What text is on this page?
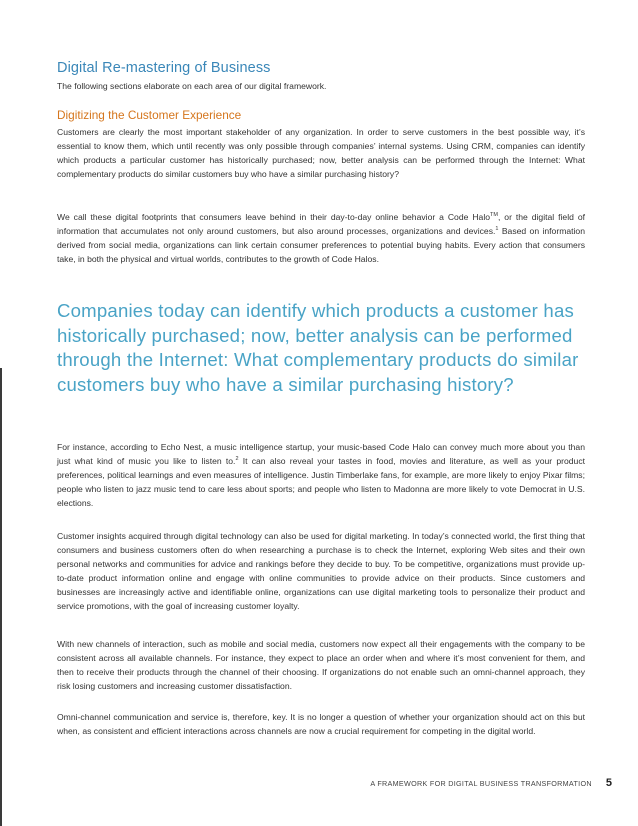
Digital Re-mastering of Business

The following sections elaborate on each area of our digital framework.

Digitizing the Customer Experience

Customers are clearly the most important stakeholder of any organization. In order to serve customers in the best possible way, it’s essential to know them, which until recently was only possible through companies’ internal systems. Using CRM, companies can identify which products a particular customer has historically purchased; now, better analysis can be performed through the Internet: What complementary products do similar customers buy who have a similar purchasing history?

We call these digital footprints that consumers leave behind in their day-to-day online behavior a Code Halo™, or the digital field of information that accumulates not only around customers, but also around processes, organizations and devices.$^1$ Based on information derived from social media, organizations can link certain consumer preferences to potential buying habits. Every action that consumers take, in both the physical and virtual worlds, contributes to the growth of Code Halos.

Companies today can identify which products a customer has historically purchased; now, better analysis can be performed through the Internet: What complementary products do similar customers buy who have a similar purchasing history?

For instance, according to Echo Nest, a music intelligence startup, your music-based Code Halo can convey much more about you than just what kind of music you like to listen to.$^2$ It can also reveal your tastes in food, movies and literature, as well as your product preferences, political learnings and even measures of intelligence. Justin Timberlake fans, for example, are more likely to enjoy Pixar films; people who listen to jazz music tend to care less about sports; and people who listen to Madonna are more likely to vote Democrat in U.S. elections.

Customer insights acquired through digital technology can also be used for digital marketing. In today’s connected world, the first thing that consumers and business customers often do when researching a purchase is to check the Internet, exploring Web sites and their own personal networks and communities for advice and rankings before they decide to buy. To be competitive, organizations must provide up-to-date product information online and engage with online communities to provide advice on their products. Since customers and businesses are increasingly active and identifiable online, organizations can use digital marketing tools to personalize their product and service promotions, with the goal of increasing customer loyalty.

With new channels of interaction, such as mobile and social media, customers now expect all their engagements with the company to be consistent across all available channels. For instance, they expect to place an order when and where it’s most convenient for them, and then to receive their products through the channel of their choosing. If organizations do not enable such an omni-channel approach, they risk losing customers and increasing customer dissatisfaction.

Omni-channel communication and service is, therefore, key. It is no longer a question of whether your organization should act on this but when, as consistent and efficient interactions across channels are now a crucial requirement for competing in the digital world.

A FRAMEWORK FOR DIGITAL BUSINESS TRANSFORMATION 5
